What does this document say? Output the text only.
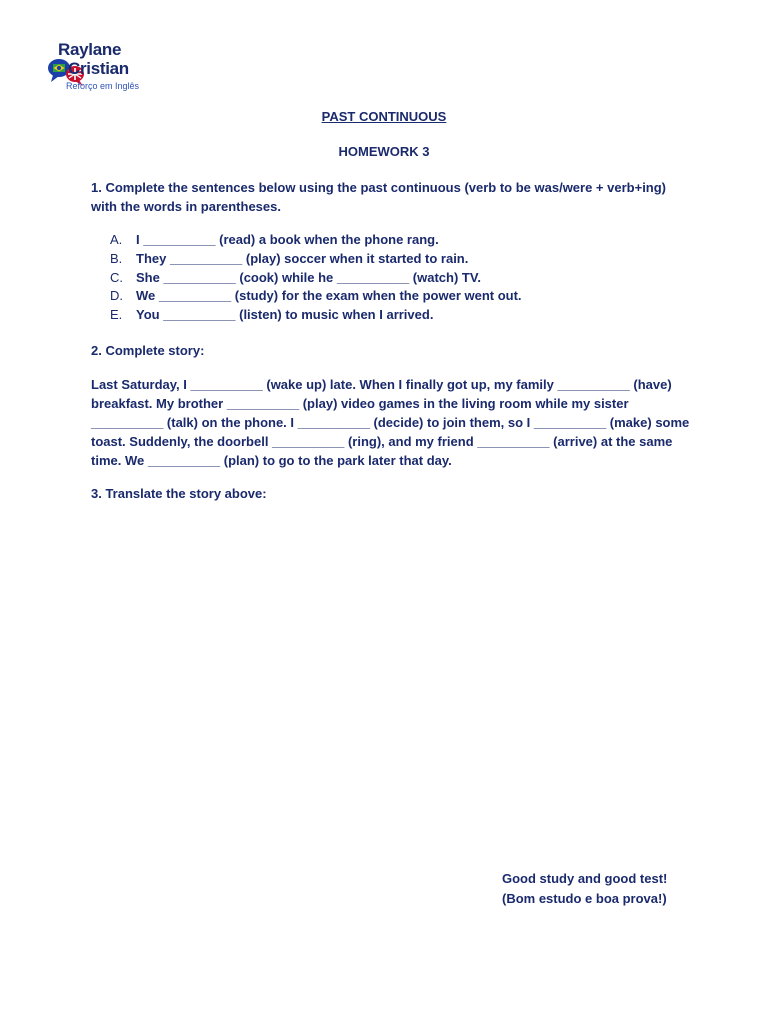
Raylane
Cristian
Reforço em Inglês
PAST CONTINUOUS
HOMEWORK 3
1. Complete the sentences below using the past continuous (verb to be was/were + verb+ing) with the words in parentheses.
A.	I __________ (read) a book when the phone rang.
B.	They __________ (play) soccer when it started to rain.
C.	She __________ (cook) while he __________ (watch) TV.
D.	We __________ (study) for the exam when the power went out.
E.	You __________ (listen) to music when I arrived.
2. Complete story:
Last Saturday, I __________ (wake up) late. When I finally got up, my family __________ (have) breakfast. My brother __________ (play) video games in the living room while my sister __________ (talk) on the phone. I __________ (decide) to join them, so I __________ (make) some toast. Suddenly, the doorbell __________ (ring), and my friend __________ (arrive) at the same time. We __________ (plan) to go to the park later that day.
3. Translate the story above:
Good study and good test!
(Bom estudo e boa prova!)
